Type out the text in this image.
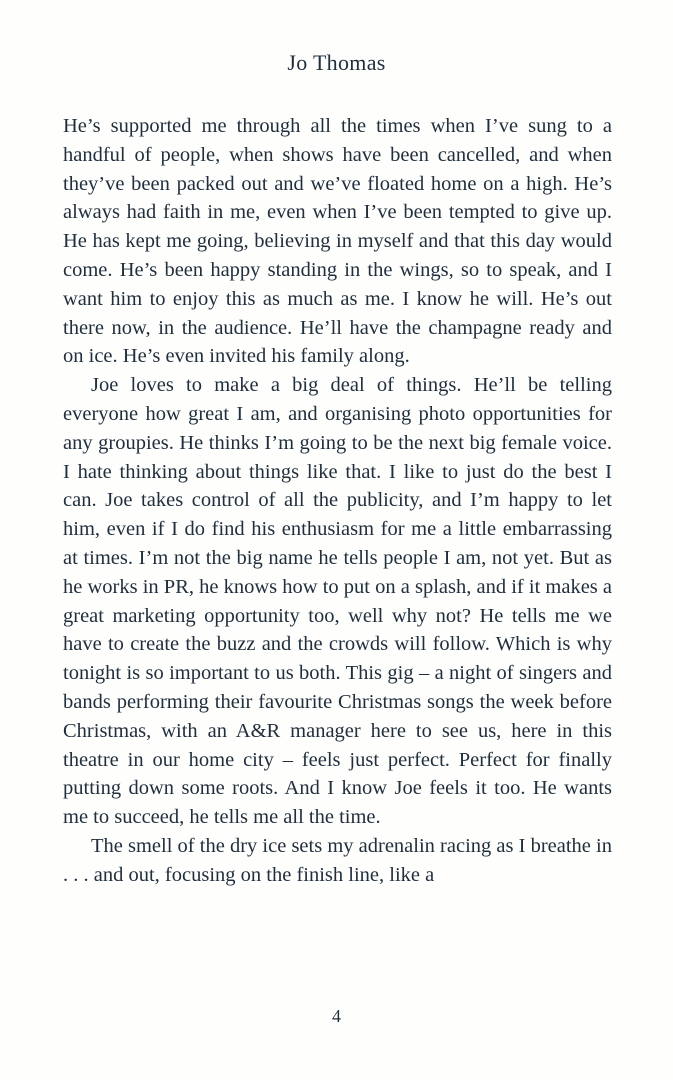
Jo Thomas

He’s supported me through all the times when I’ve sung to a handful of people, when shows have been cancelled, and when they’ve been packed out and we’ve floated home on a high. He’s always had faith in me, even when I’ve been tempted to give up. He has kept me going, believing in myself and that this day would come. He’s been happy standing in the wings, so to speak, and I want him to enjoy this as much as me. I know he will. He’s out there now, in the audience. He’ll have the champagne ready and on ice. He’s even invited his family along.

Joe loves to make a big deal of things. He’ll be telling everyone how great I am, and organising photo opportunities for any groupies. He thinks I’m going to be the next big female voice. I hate thinking about things like that. I like to just do the best I can. Joe takes control of all the publicity, and I’m happy to let him, even if I do find his enthusiasm for me a little embarrassing at times. I’m not the big name he tells people I am, not yet. But as he works in PR, he knows how to put on a splash, and if it makes a great marketing opportunity too, well why not? He tells me we have to create the buzz and the crowds will follow. Which is why tonight is so important to us both. This gig – a night of singers and bands performing their favourite Christmas songs the week before Christmas, with an A&R manager here to see us, here in this theatre in our home city – feels just perfect. Perfect for finally putting down some roots. And I know Joe feels it too. He wants me to succeed, he tells me all the time.

The smell of the dry ice sets my adrenalin racing as I breathe in . . . and out, focusing on the finish line, like a

4
